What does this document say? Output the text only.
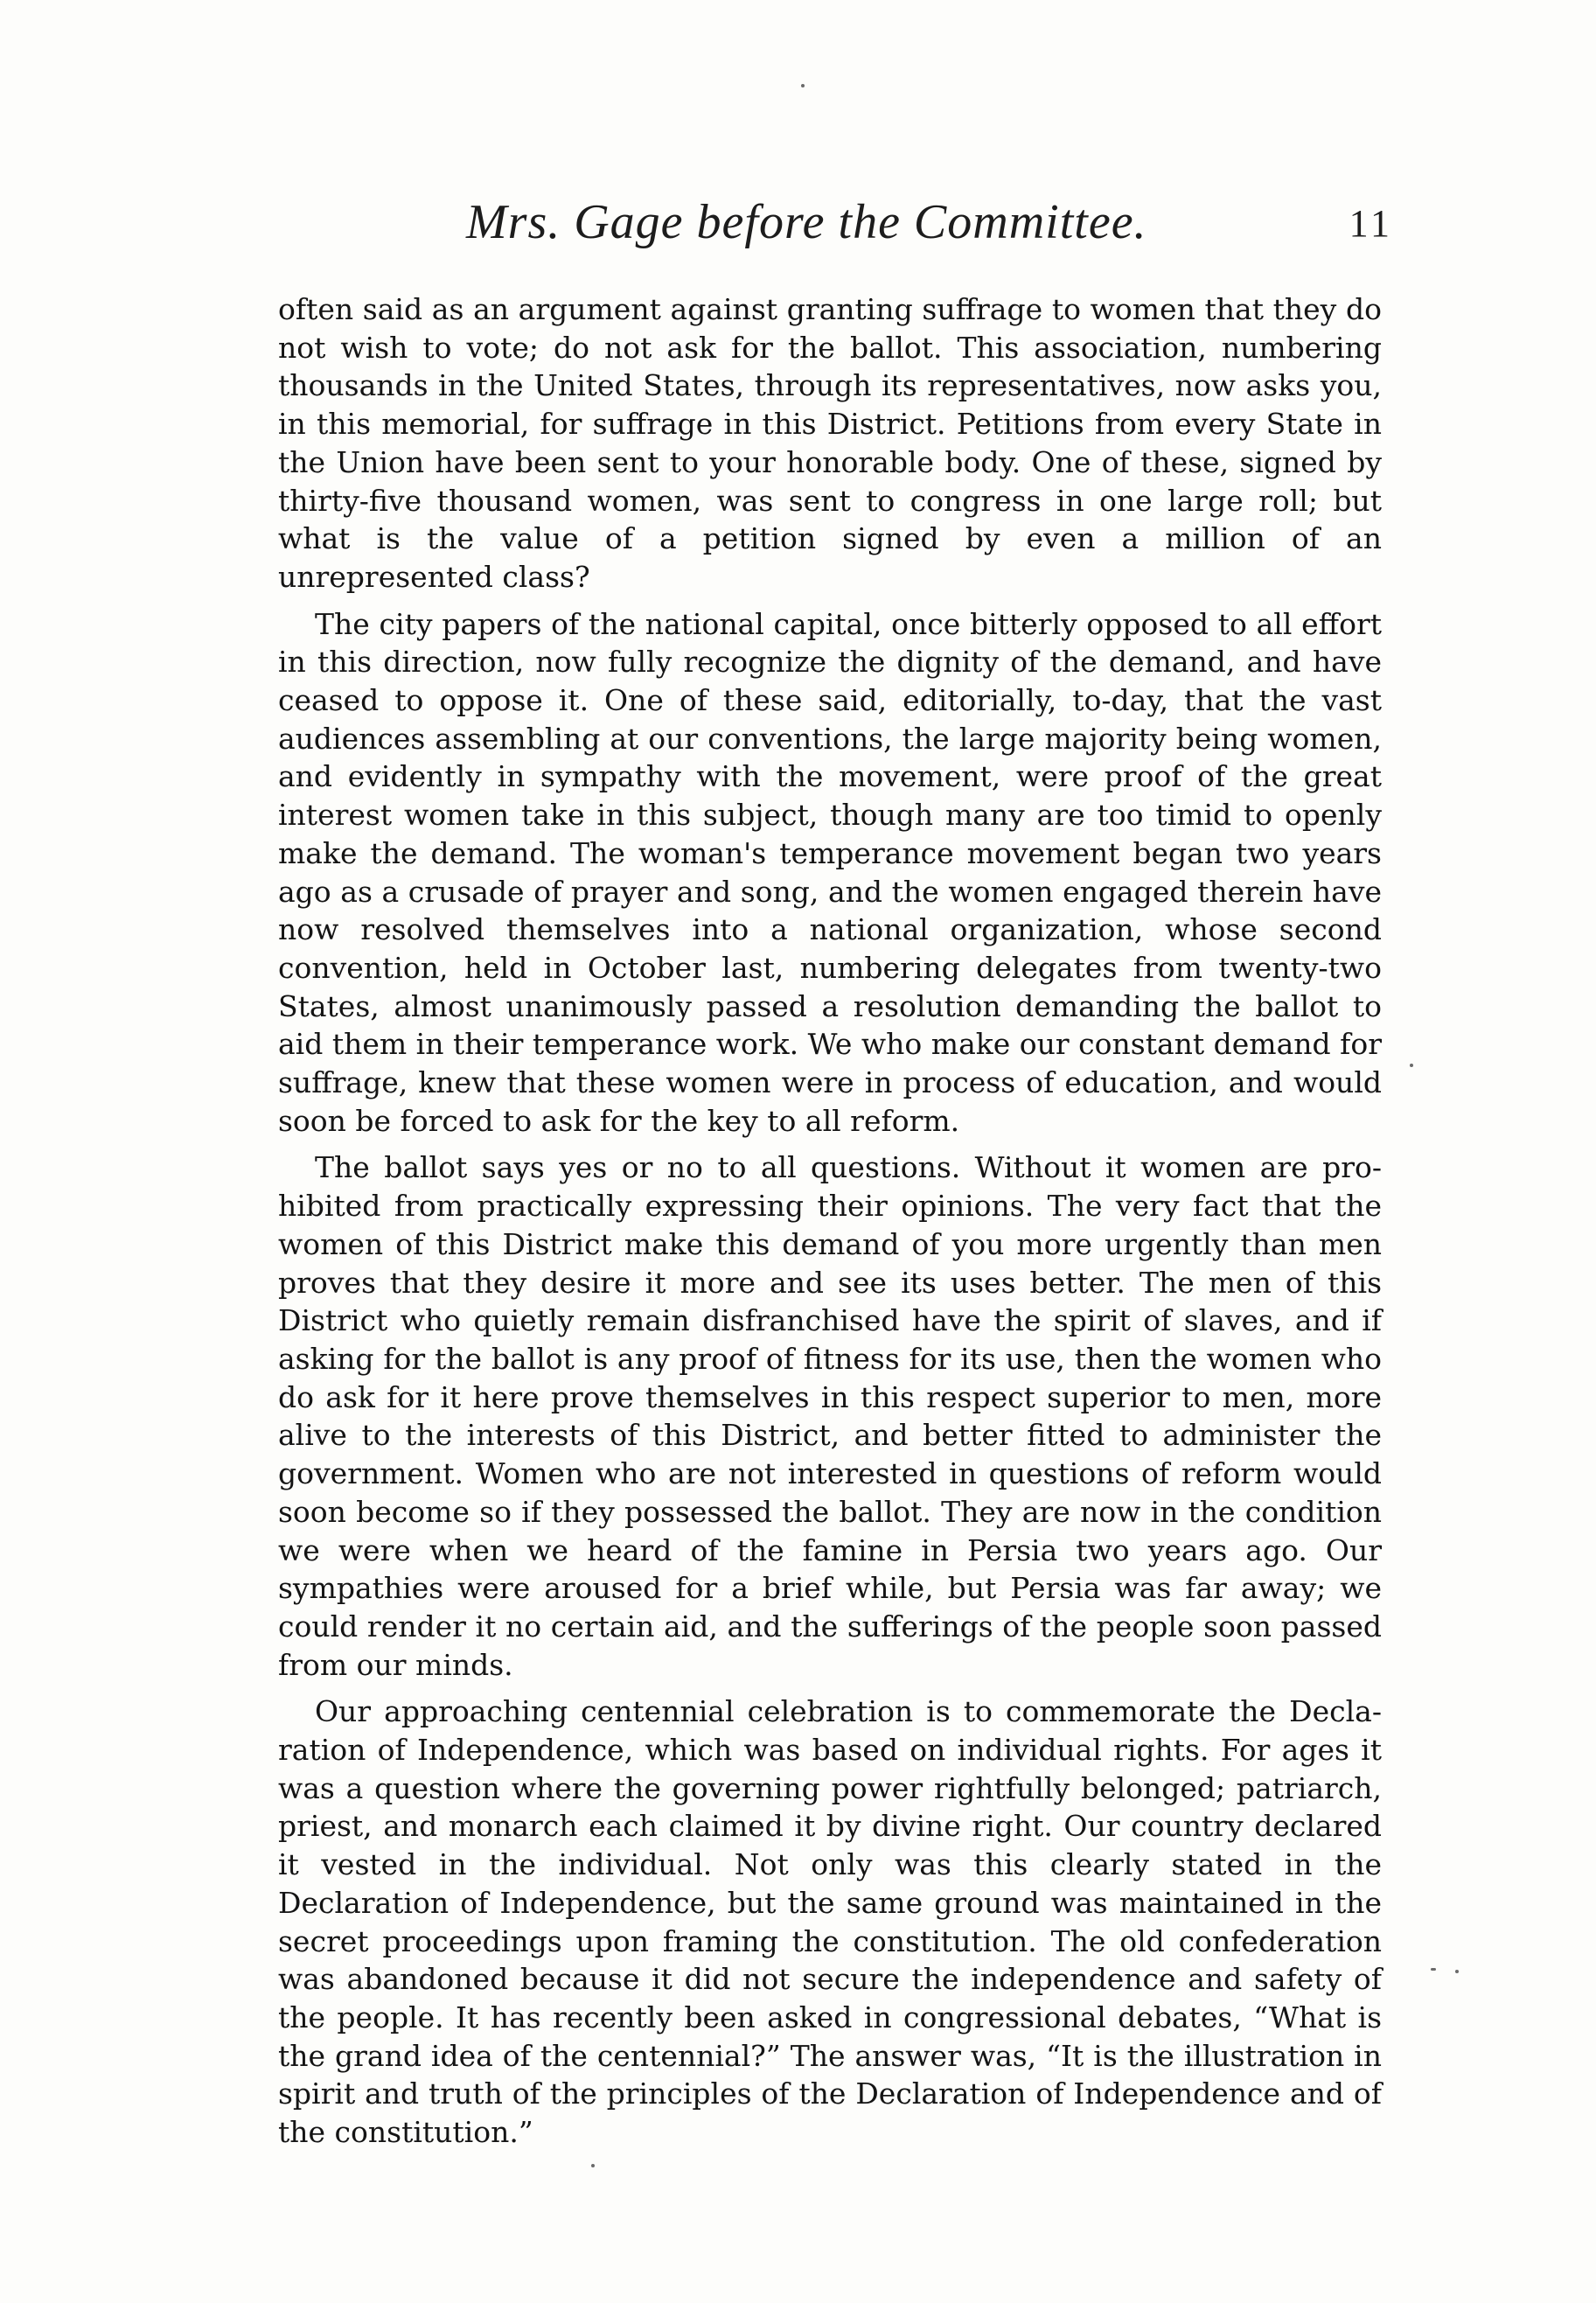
Mrs. Gage before the Committee.	11

often said as an argument against granting suffrage to women that they do not wish to vote; do not ask for the ballot. This association, numbering thousands in the United States, through its representatives, now asks you, in this memorial, for suffrage in this District. Petitions from every State in the Union have been sent to your honorable body. One of these, signed by thirty-five thousand women, was sent to congress in one large roll; but what is the value of a petition signed by even a million of an unrepresented class?

The city papers of the national capital, once bitterly opposed to all effort in this direction, now fully recognize the dignity of the demand, and have ceased to oppose it. One of these said, editorially, to-day, that the vast audiences assembling at our conventions, the large majority being women, and evidently in sympathy with the movement, were proof of the great interest women take in this subject, though many are too timid to openly make the demand. The woman's temperance movement began two years ago as a crusade of prayer and song, and the women engaged therein have now resolved themselves into a national organization, whose second convention, held in October last, numbering delegates from twenty-two States, almost unanimously passed a resolution demanding the ballot to aid them in their temperance work. We who make our constant demand for suffrage, knew that these women were in process of education, and would soon be forced to ask for the key to all reform.

The ballot says yes or no to all questions. Without it women are prohibited from practically expressing their opinions. The very fact that the women of this District make this demand of you more urgently than men proves that they desire it more and see its uses better. The men of this District who quietly remain disfranchised have the spirit of slaves, and if asking for the ballot is any proof of fitness for its use, then the women who do ask for it here prove themselves in this respect superior to men, more alive to the interests of this District, and better fitted to administer the government. Women who are not interested in questions of reform would soon become so if they possessed the ballot. They are now in the condition we were when we heard of the famine in Persia two years ago. Our sympathies were aroused for a brief while, but Persia was far away; we could render it no certain aid, and the sufferings of the people soon passed from our minds.

Our approaching centennial celebration is to commemorate the Declaration of Independence, which was based on individual rights. For ages it was a question where the governing power rightfully belonged; patriarch, priest, and monarch each claimed it by divine right. Our country declared it vested in the individual. Not only was this clearly stated in the Declaration of Independence, but the same ground was maintained in the secret proceedings upon framing the constitution. The old confederation was abandoned because it did not secure the independence and safety of the people. It has recently been asked in congressional debates, “What is the grand idea of the centennial?” The answer was, “It is the illustration in spirit and truth of the principles of the Declaration of Independence and of the constitution.”
